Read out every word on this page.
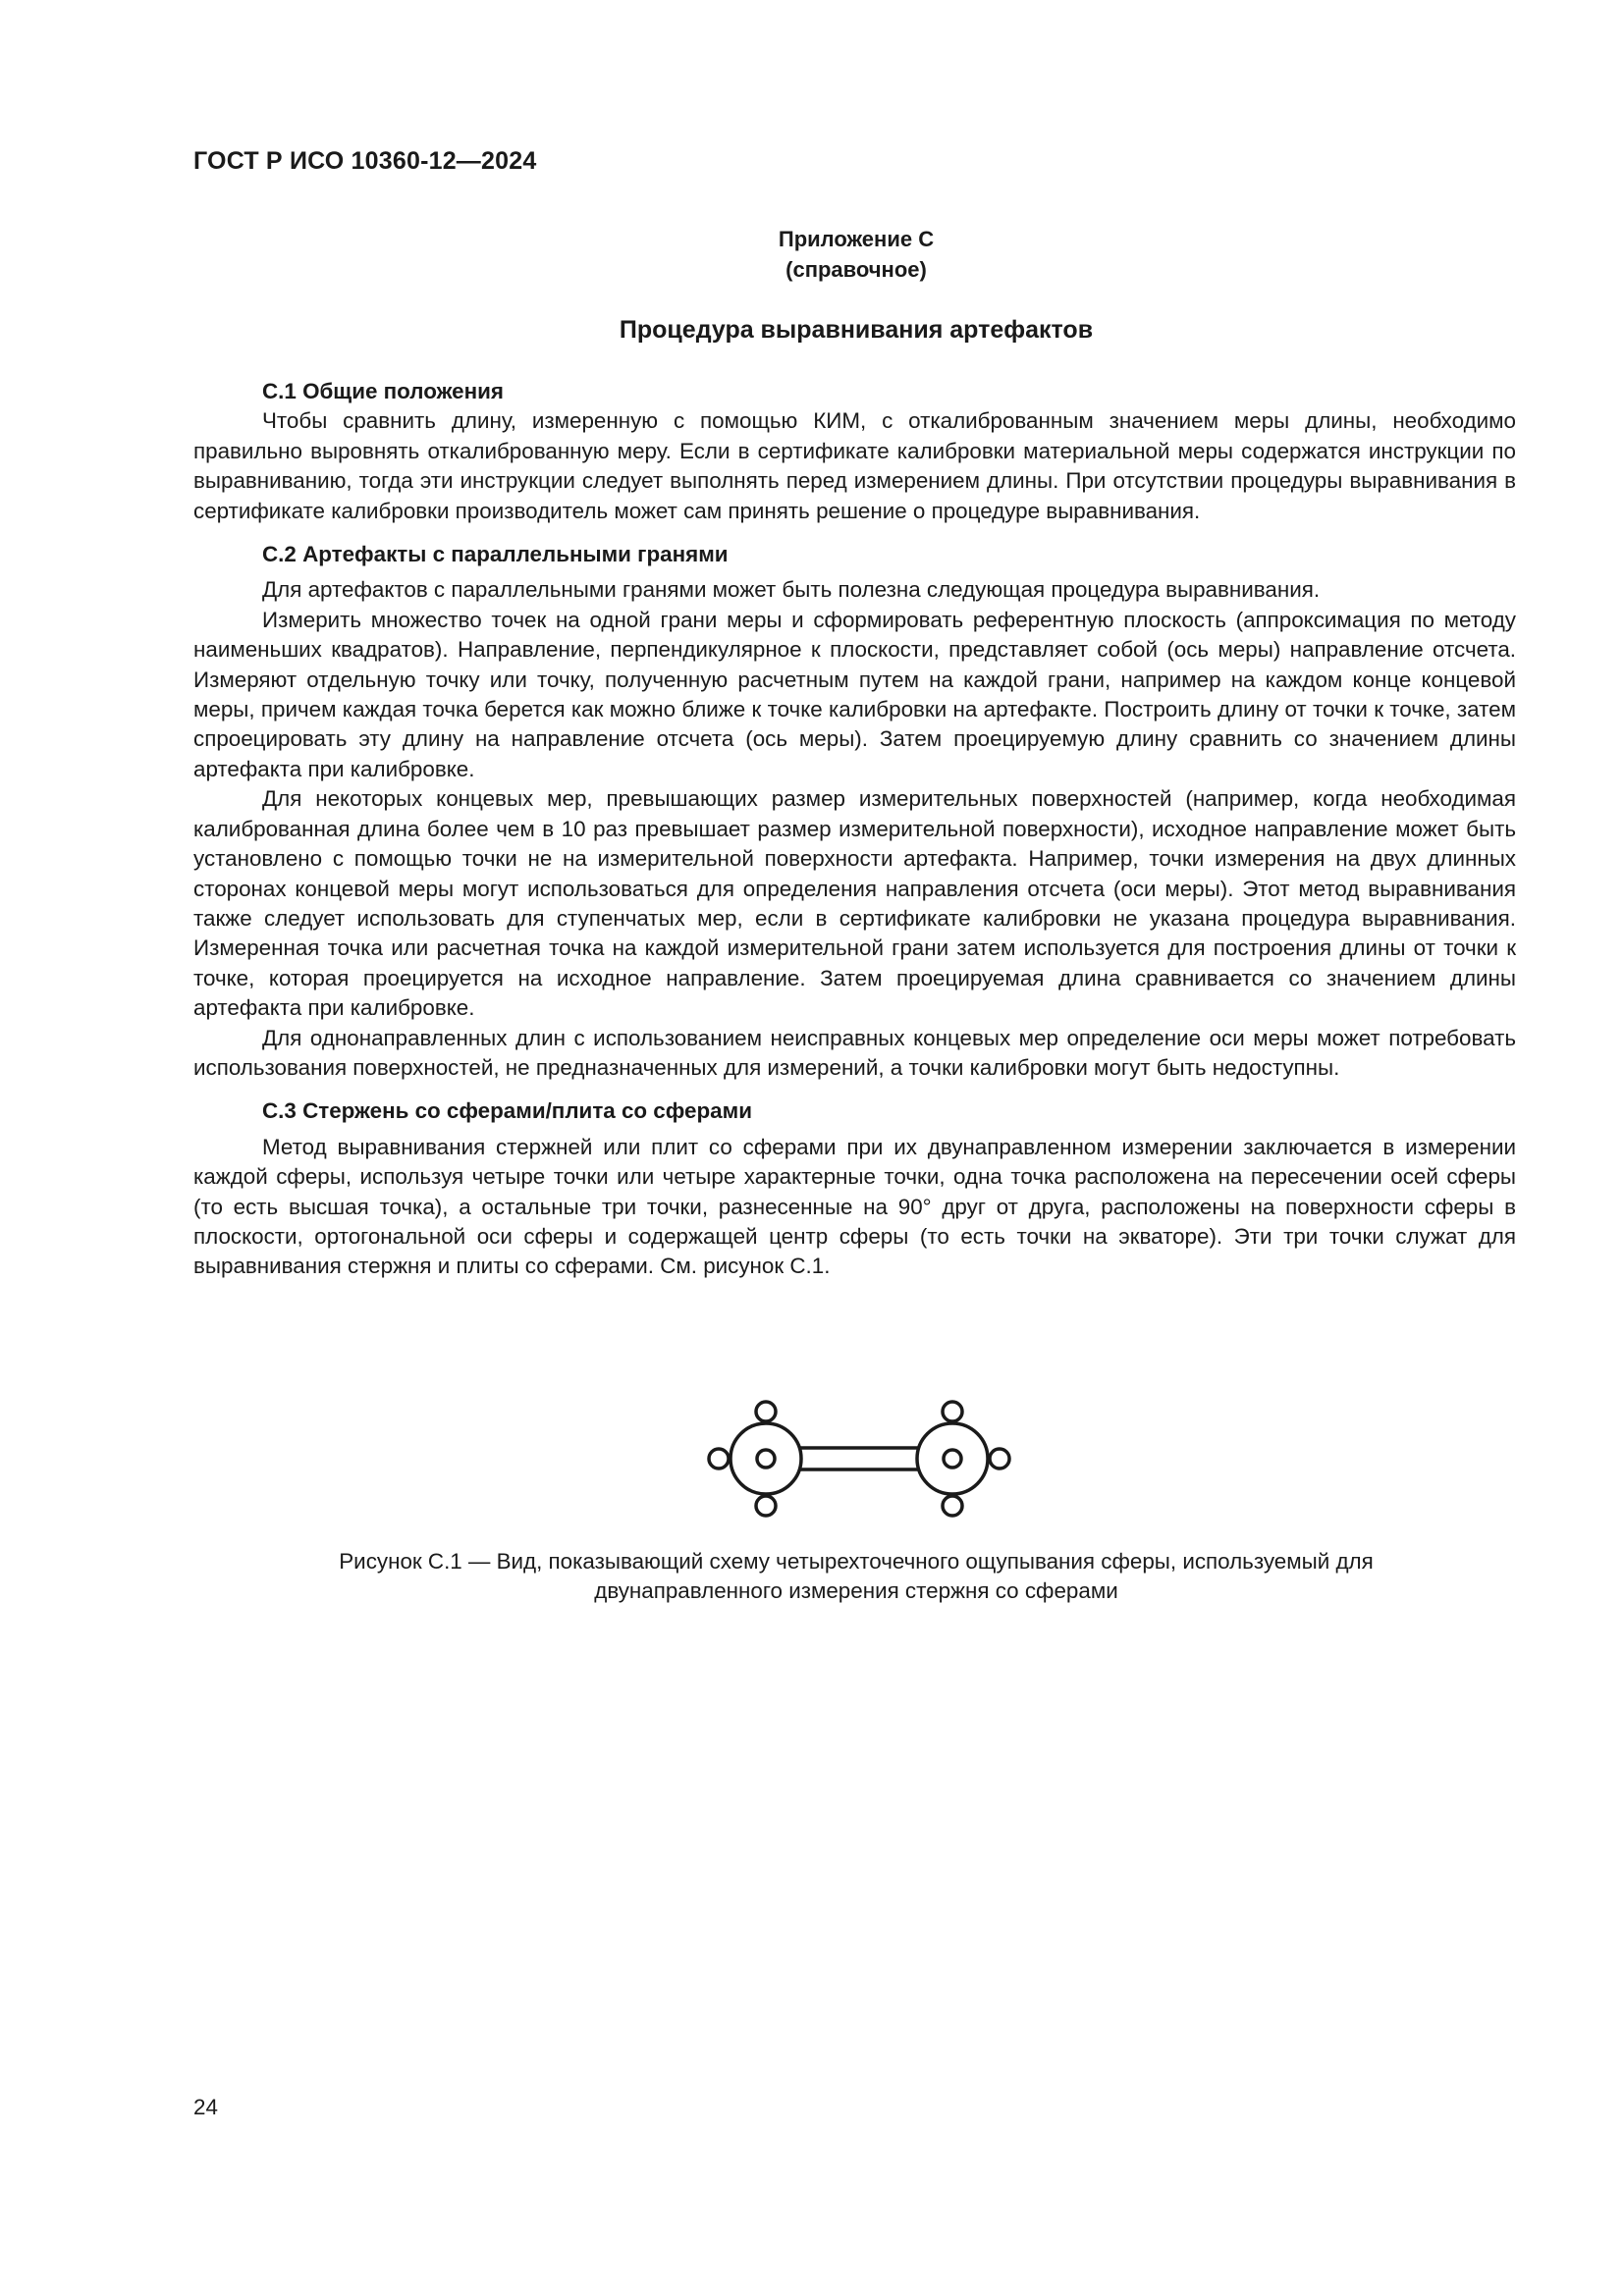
ГОСТ Р ИСО 10360-12—2024
Приложение С
(справочное)
Процедура выравнивания артефактов
С.1 Общие положения

Чтобы сравнить длину, измеренную с помощью КИМ, с откалиброванным значением меры длины, необходимо правильно выровнять откалиброванную меру. Если в сертификате калибровки материальной меры содержатся инструкции по выравниванию, тогда эти инструкции следует выполнять перед измерением длины. При отсутствии процедуры выравнивания в сертификате калибровки производитель может сам принять решение о процедуре выравнивания.

С.2 Артефакты с параллельными гранями

Для артефактов с параллельными гранями может быть полезна следующая процедура выравнивания.

Измерить множество точек на одной грани меры и сформировать референтную плоскость (аппроксимация по методу наименьших квадратов). Направление, перпендикулярное к плоскости, представляет собой (ось меры) направление отсчета. Измеряют отдельную точку или точку, полученную расчетным путем на каждой грани, например на каждом конце концевой меры, причем каждая точка берется как можно ближе к точке калибровки на артефакте. Построить длину от точки к точке, затем спроецировать эту длину на направление отсчета (ось меры). Затем проецируемую длину сравнить со значением длины артефакта при калибровке.

Для некоторых концевых мер, превышающих размер измерительных поверхностей (например, когда необходимая калиброванная длина более чем в 10 раз превышает размер измерительной поверхности), исходное направление может быть установлено с помощью точки не на измерительной поверхности артефакта. Например, точки измерения на двух длинных сторонах концевой меры могут использоваться для определения направления отсчета (оси меры). Этот метод выравнивания также следует использовать для ступенчатых мер, если в сертификате калибровки не указана процедура выравнивания. Измеренная точка или расчетная точка на каждой измерительной грани затем используется для построения длины от точки к точке, которая проецируется на исходное направление. Затем проецируемая длина сравнивается со значением длины артефакта при калибровке.

Для однонаправленных длин с использованием неисправных концевых мер определение оси меры может потребовать использования поверхностей, не предназначенных для измерений, а точки калибровки могут быть недоступны.

С.3 Стержень со сферами/плита со сферами

Метод выравнивания стержней или плит со сферами при их двунаправленном измерении заключается в измерении каждой сферы, используя четыре точки или четыре характерные точки, одна точка расположена на пересечении осей сферы (то есть высшая точка), а остальные три точки, разнесенные на 90° друг от друга, расположены на поверхности сферы в плоскости, ортогональной оси сферы и содержащей центр сферы (то есть точки на экваторе). Эти три точки служат для выравнивания стержня и плиты со сферами. См. рисунок С.1.

Рисунок С.1 — Вид, показывающий схему четырехточечного ощупывания сферы, используемый для
двунаправленного измерения стержня со сферами
24
